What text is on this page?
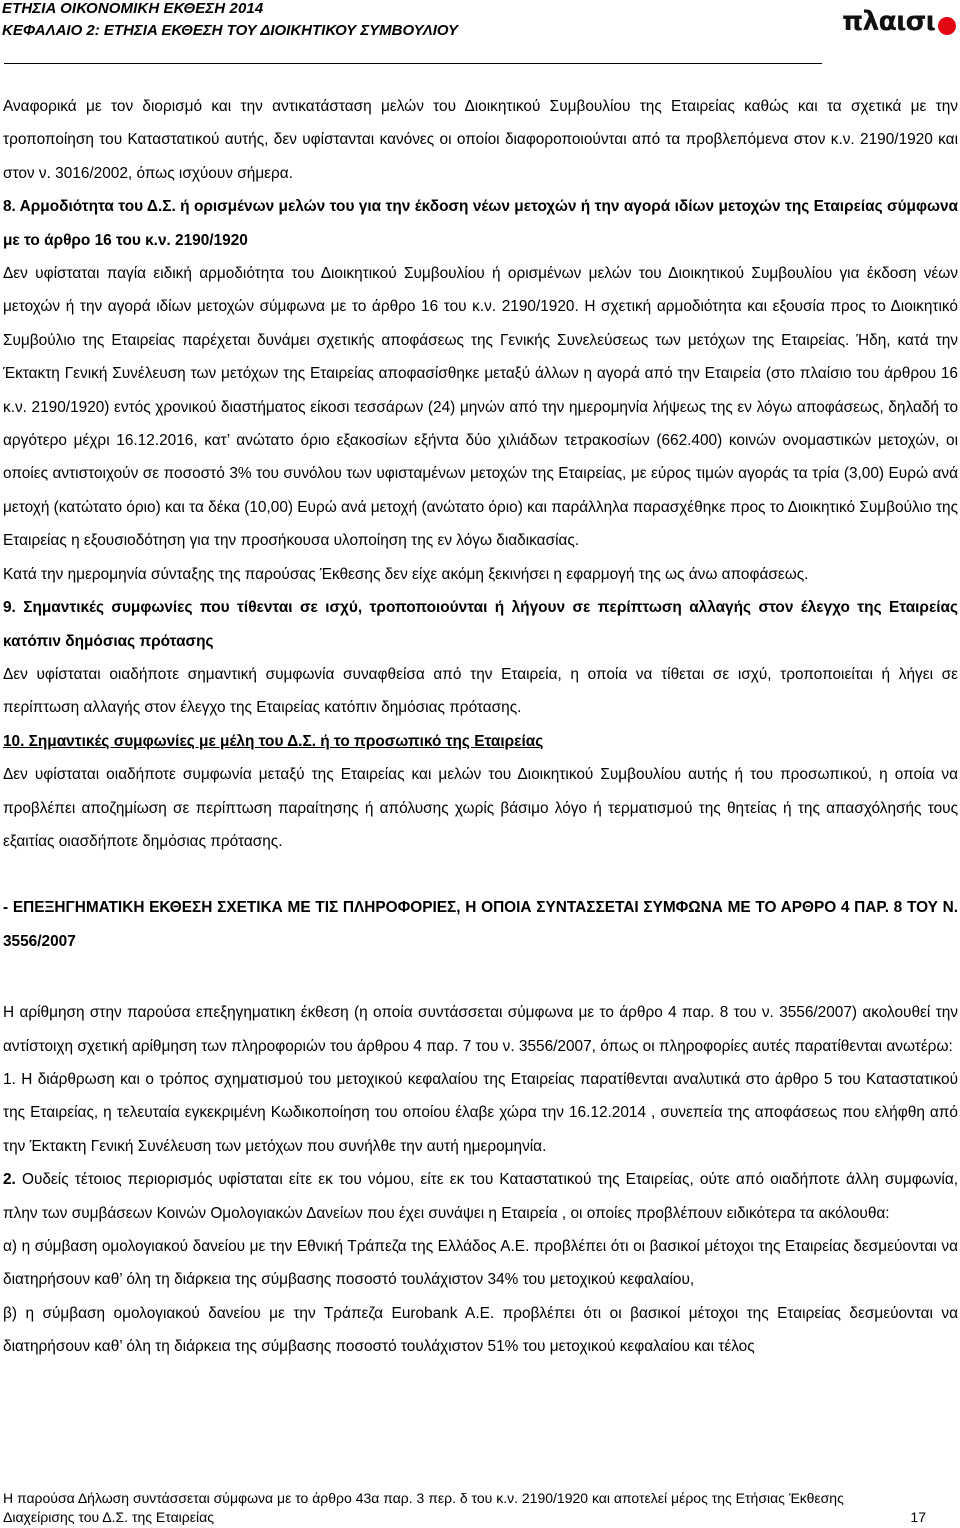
ΕΤΗΣΙΑ ΟΙΚΟΝΟΜΙΚΗ ΕΚΘΕΣΗ 2014
ΚΕΦΑΛΑΙΟ 2: ΕΤΗΣΙΑ ΕΚΘΕΣΗ ΤΟΥ ΔΙΟΙΚΗΤΙΚΟΥ ΣΥΜΒΟΥΛΙΟΥ	πλαισι

Αναφορικά με τον διορισμό και την αντικατάσταση μελών του Διοικητικού Συμβουλίου της Εταιρείας καθώς και τα σχετικά με την τροποποίηση του Καταστατικού αυτής, δεν υφίστανται κανόνες οι οποίοι διαφοροποιούνται από τα προβλεπόμενα στον κ.ν. 2190/1920 και στον ν. 3016/2002, όπως ισχύουν σήμερα.

8. Αρμοδιότητα του Δ.Σ. ή ορισμένων μελών του για την έκδοση νέων μετοχών ή την αγορά ιδίων μετοχών της Εταιρείας σύμφωνα με το άρθρο 16 του κ.ν. 2190/1920

Δεν υφίσταται παγία ειδική αρμοδιότητα του Διοικητικού Συμβουλίου ή ορισμένων μελών του Διοικητικού Συμβουλίου για έκδοση νέων μετοχών ή την αγορά ιδίων μετοχών σύμφωνα με το άρθρο 16 του κ.ν. 2190/1920. Η σχετική αρμοδιότητα και εξουσία προς το Διοικητικό Συμβούλιο της Εταιρείας παρέχεται δυνάμει σχετικής αποφάσεως της Γενικής Συνελεύσεως των μετόχων της Εταιρείας. Ήδη, κατά την Έκτακτη Γενική Συνέλευση των μετόχων της Εταιρείας αποφασίσθηκε μεταξύ άλλων η αγορά από την Εταιρεία (στο πλαίσιο του άρθρου 16 κ.ν. 2190/1920) εντός χρονικού διαστήματος είκοσι τεσσάρων (24) μηνών από την ημερομηνία λήψεως της εν λόγω αποφάσεως, δηλαδή το αργότερο μέχρι 16.12.2016, κατ’ ανώτατο όριο εξακοσίων εξήντα δύο χιλιάδων τετρακοσίων (662.400) κοινών ονομαστικών μετοχών, οι οποίες αντιστοιχούν σε ποσοστό 3% του συνόλου των υφισταμένων μετοχών της Εταιρείας, με εύρος τιμών αγοράς τα τρία (3,00) Ευρώ ανά μετοχή (κατώτατο όριο) και τα δέκα (10,00) Ευρώ ανά μετοχή (ανώτατο όριο) και παράλληλα παρασχέθηκε προς το Διοικητικό Συμβούλιο της Εταιρείας η εξουσιοδότηση για την προσήκουσα υλοποίηση της εν λόγω διαδικασίας.

Κατά την ημερομηνία σύνταξης της παρούσας Έκθεσης δεν είχε ακόμη ξεκινήσει η εφαρμογή της ως άνω αποφάσεως.

9. Σημαντικές συμφωνίες που τίθενται σε ισχύ, τροποποιούνται ή λήγουν σε περίπτωση αλλαγής στον έλεγχο της Εταιρείας κατόπιν δημόσιας πρότασης

Δεν υφίσταται οιαδήποτε σημαντική συμφωνία συναφθείσα από την Εταιρεία, η οποία να τίθεται σε ισχύ, τροποποιείται ή λήγει σε περίπτωση αλλαγής στον έλεγχο της Εταιρείας κατόπιν δημόσιας πρότασης.

10. Σημαντικές συμφωνίες με μέλη του Δ.Σ. ή το προσωπικό της Εταιρείας

Δεν υφίσταται οιαδήποτε συμφωνία μεταξύ της Εταιρείας και μελών του Διοικητικού Συμβουλίου αυτής ή του προσωπικού, η οποία να προβλέπει αποζημίωση σε περίπτωση παραίτησης ή απόλυσης χωρίς βάσιμο λόγο ή τερματισμού της θητείας ή της απασχόλησής τους εξαιτίας οιασδήποτε δημόσιας πρότασης.

- ΕΠΕΞΗΓΗΜΑΤΙΚΗ ΕΚΘΕΣΗ ΣΧΕΤΙΚΑ ΜΕ ΤΙΣ ΠΛΗΡΟΦΟΡΙΕΣ, Η ΟΠΟΙΑ ΣΥΝΤΑΣΣΕΤΑΙ ΣΥΜΦΩΝΑ ΜΕ ΤΟ ΑΡΘΡΟ 4 ΠΑΡ. 8 ΤΟΥ Ν. 3556/2007

Η αρίθμηση στην παρούσα επεξηγηματικη έκθεση (η οποία συντάσσεται σύμφωνα με το άρθρο 4 παρ. 8 του ν. 3556/2007) ακολουθεί την αντίστοιχη σχετική αρίθμηση των πληροφοριών του άρθρου 4 παρ. 7 του ν. 3556/2007, όπως οι πληροφορίες αυτές παρατίθενται ανωτέρω:

1. Η διάρθρωση και ο τρόπος σχηματισμού του μετοχικού κεφαλαίου της Εταιρείας παρατίθενται αναλυτικά στο άρθρο 5 του Καταστατικού της Εταιρείας, η τελευταία εγκεκριμένη Κωδικοποίηση του οποίου έλαβε χώρα την 16.12.2014 , συνεπεία της αποφάσεως που ελήφθη από την Έκτακτη Γενική Συνέλευση των μετόχων που συνήλθε την αυτή ημερομηνία.

2. Ουδείς τέτοιος περιορισμός υφίσταται είτε εκ του νόμου, είτε εκ του Καταστατικού της Εταιρείας, ούτε από οιαδήποτε άλλη συμφωνία, πλην των συμβάσεων Κοινών Ομολογιακών Δανείων που έχει συνάψει η Εταιρεία , οι οποίες προβλέπουν ειδικότερα τα ακόλουθα:

α) η σύμβαση ομολογιακού δανείου με την Εθνική Τράπεζα της Ελλάδος Α.Ε. προβλέπει ότι οι βασικοί μέτοχοι της Εταιρείας δεσμεύονται να διατηρήσουν καθ’ όλη τη διάρκεια της σύμβασης ποσοστό τουλάχιστον 34% του μετοχικού κεφαλαίου,

β) η σύμβαση ομολογιακού δανείου με την Τράπεζα Eurobank A.E. προβλέπει ότι οι βασικοί μέτοχοι της Εταιρείας δεσμεύονται να διατηρήσουν καθ’ όλη τη διάρκεια της σύμβασης ποσοστό τουλάχιστον 51% του μετοχικού κεφαλαίου και τέλος

Η παρούσα Δήλωση συντάσσεται σύμφωνα με το άρθρο 43α παρ. 3 περ. δ του κ.ν. 2190/1920 και αποτελεί μέρος της Ετήσιας Έκθεσης
Διαχείρισης του Δ.Σ. της Εταιρείας	17
